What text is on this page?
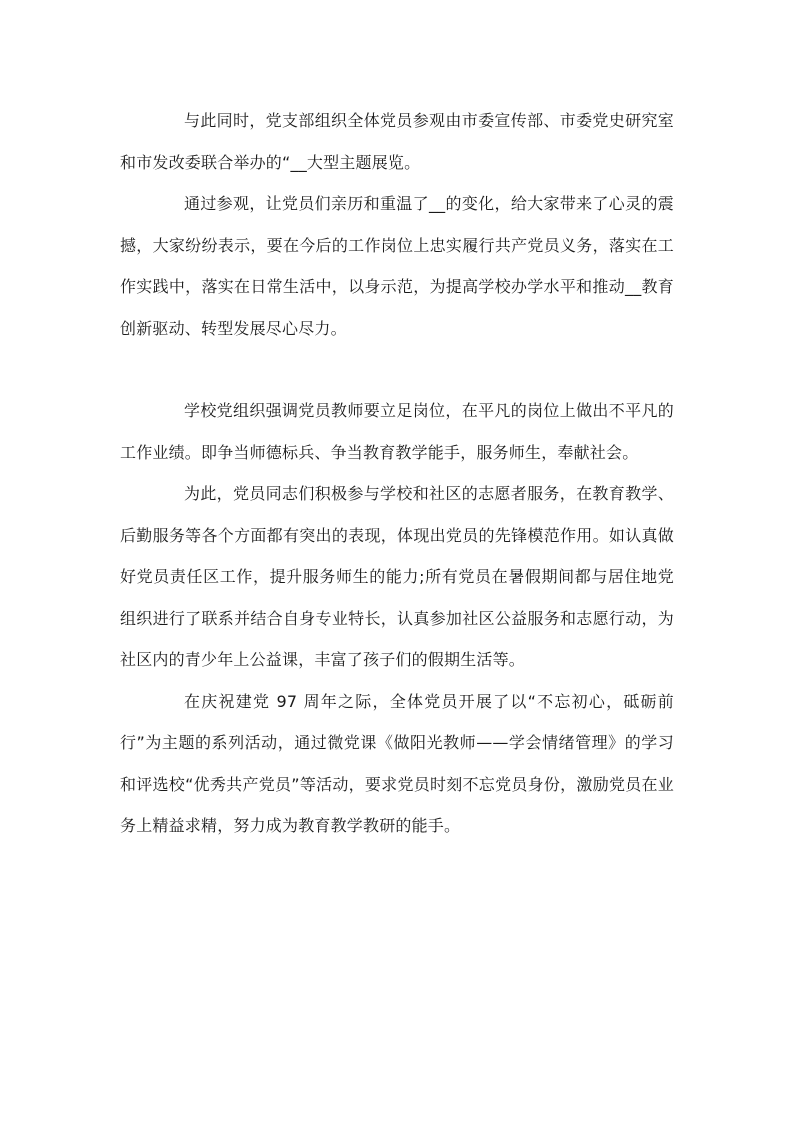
与此同时，党支部组织全体党员参观由市委宣传部、市委党史研究室和市发改委联合举办的“__大型主题展览。

通过参观，让党员们亲历和重温了__的变化，给大家带来了心灵的震撼，大家纷纷表示，要在今后的工作岗位上忠实履行共产党员义务，落实在工作实践中，落实在日常生活中，以身示范，为提高学校办学水平和推动__教育创新驱动、转型发展尽心尽力。

学校党组织强调党员教师要立足岗位，在平凡的岗位上做出不平凡的工作业绩。即争当师德标兵、争当教育教学能手，服务师生，奉献社会。

为此，党员同志们积极参与学校和社区的志愿者服务，在教育教学、后勤服务等各个方面都有突出的表现，体现出党员的先锋模范作用。如认真做好党员责任区工作，提升服务师生的能力;所有党员在暑假期间都与居住地党组织进行了联系并结合自身专业特长，认真参加社区公益服务和志愿行动，为社区内的青少年上公益课，丰富了孩子们的假期生活等。

在庆祝建党 97 周年之际，全体党员开展了以“不忘初心，砥砺前行”为主题的系列活动，通过微党课《做阳光教师——学会情绪管理》的学习和评选校“优秀共产党员”等活动，要求党员时刻不忘党员身份，激励党员在业务上精益求精，努力成为教育教学教研的能手。
